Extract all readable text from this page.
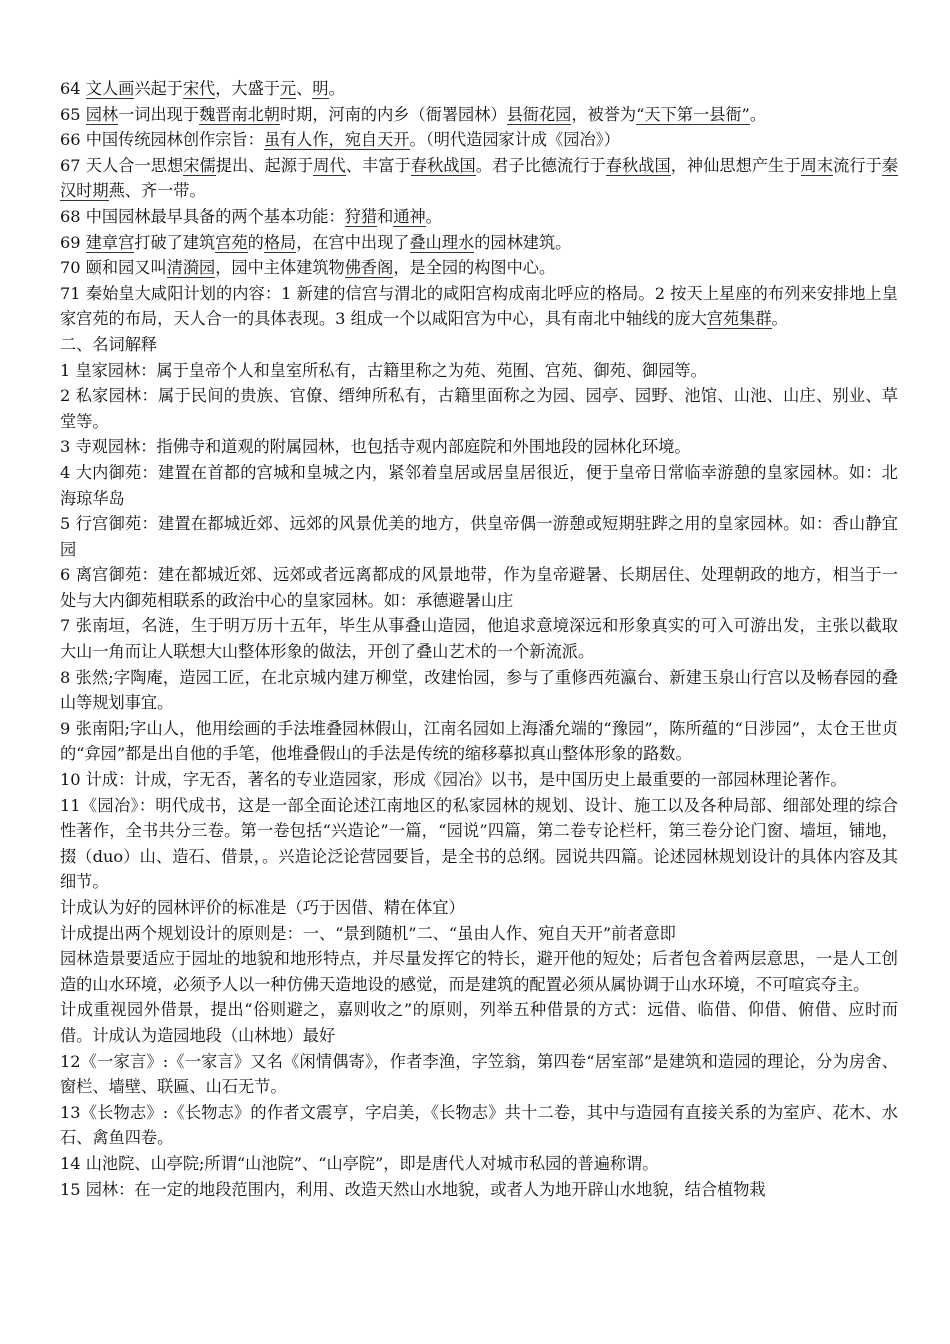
64 文人画兴起于宋代，大盛于元、明。

65 园林一词出现于魏晋南北朝时期，河南的内乡（衙署园林）县衙花园，被誉为“天下第一县衙”。

66 中国传统园林创作宗旨：虽有人作，宛自天开。（明代造园家计成《园冶》）

67 天人合一思想宋儒提出、起源于周代、丰富于春秋战国。君子比德流行于春秋战国，神仙思想产生于周末流行于秦汉时期燕、齐一带。

68 中国园林最早具备的两个基本功能：狩猎和通神。

69 建章宫打破了建筑宫苑的格局，在宫中出现了叠山理水的园林建筑。

70 颐和园又叫清漪园，园中主体建筑物佛香阁，是全园的构图中心。

71 秦始皇大咸阳计划的内容：1 新建的信宫与渭北的咸阳宫构成南北呼应的格局。2 按天上星座的布列来安排地上皇家宫苑的布局，天人合一的具体表现。3 组成一个以咸阳宫为中心，具有南北中轴线的庞大宫苑集群。

二、名词解释

1 皇家园林：属于皇帝个人和皇室所私有，古籍里称之为苑、苑囿、宫苑、御苑、御园等。

2 私家园林：属于民间的贵族、官僚、缙绅所私有，古籍里面称之为园、园亭、园野、池馆、山池、山庄、别业、草堂等。

3 寺观园林：指佛寺和道观的附属园林，也包括寺观内部庭院和外围地段的园林化环境。

4 大内御苑：建置在首都的宫城和皇城之内，紧邻着皇居或居皇居很近，便于皇帝日常临幸游憩的皇家园林。如：北海琼华岛

5 行宫御苑：建置在都城近郊、远郊的风景优美的地方，供皇帝偶一游憩或短期驻跸之用的皇家园林。如：香山静宜园

6 离宫御苑：建在都城近郊、远郊或者远离都成的风景地带，作为皇帝避暑、长期居住、处理朝政的地方，相当于一处与大内御苑相联系的政治中心的皇家园林。如：承德避暑山庄

7 张南垣，名涟，生于明万历十五年，毕生从事叠山造园，他追求意境深远和形象真实的可入可游出发，主张以截取大山一角而让人联想大山整体形象的做法，开创了叠山艺术的一个新流派。

8 张然;字陶庵，造园工匠，在北京城内建万柳堂，改建怡园，参与了重修西苑瀛台、新建玉泉山行宫以及畅春园的叠山等规划事宜。

9 张南阳;字山人，他用绘画的手法堆叠园林假山，江南名园如上海潘允端的“豫园”，陈所蕴的“日涉园”，太仓王世贞的“弇园”都是出自他的手笔，他堆叠假山的手法是传统的缩移摹拟真山整体形象的路数。

10 计成：计成，字无否，著名的专业造园家，形成《园冶》以书，是中国历史上最重要的一部园林理论著作。

11《园冶》：明代成书，这是一部全面论述江南地区的私家园林的规划、设计、施工以及各种局部、细部处理的综合性著作，全书共分三卷。第一卷包括“兴造论”一篇，“园说”四篇，第二卷专论栏杆，第三卷分论门窗、墙垣，铺地，掇（duo）山、造石、借景，。兴造论泛论营园要旨，是全书的总纲。园说共四篇。论述园林规划设计的具体内容及其细节。

计成认为好的园林评价的标准是（巧于因借、精在体宜）

计成提出两个规划设计的原则是：一、“景到随机”二、“虽由人作、宛自天开”前者意即

园林造景要适应于园址的地貌和地形特点，并尽量发挥它的特长，避开他的短处；后者包含着两层意思，一是人工创造的山水环境，必须予人以一种仿佛天造地设的感觉，而是建筑的配置必须从属协调于山水环境，不可喧宾夺主。

计成重视园外借景，提出“俗则避之，嘉则收之”的原则，列举五种借景的方式：远借、临借、仰借、俯借、应时而借。计成认为造园地段（山林地）最好

12《一家言》:《一家言》又名《闲情偶寄》，作者李渔，字笠翁，第四卷“居室部”是建筑和造园的理论，分为房舍、窗栏、墙壁、联匾、山石无节。

13《长物志》:《长物志》的作者文震亨，字启美，《长物志》共十二卷，其中与造园有直接关系的为室庐、花木、水石、禽鱼四卷。

14 山池院、山亭院;所谓“山池院”、“山亭院”，即是唐代人对城市私园的普遍称谓。

15 园林：在一定的地段范围内，利用、改造天然山水地貌，或者人为地开辟山水地貌，结合植物栽
